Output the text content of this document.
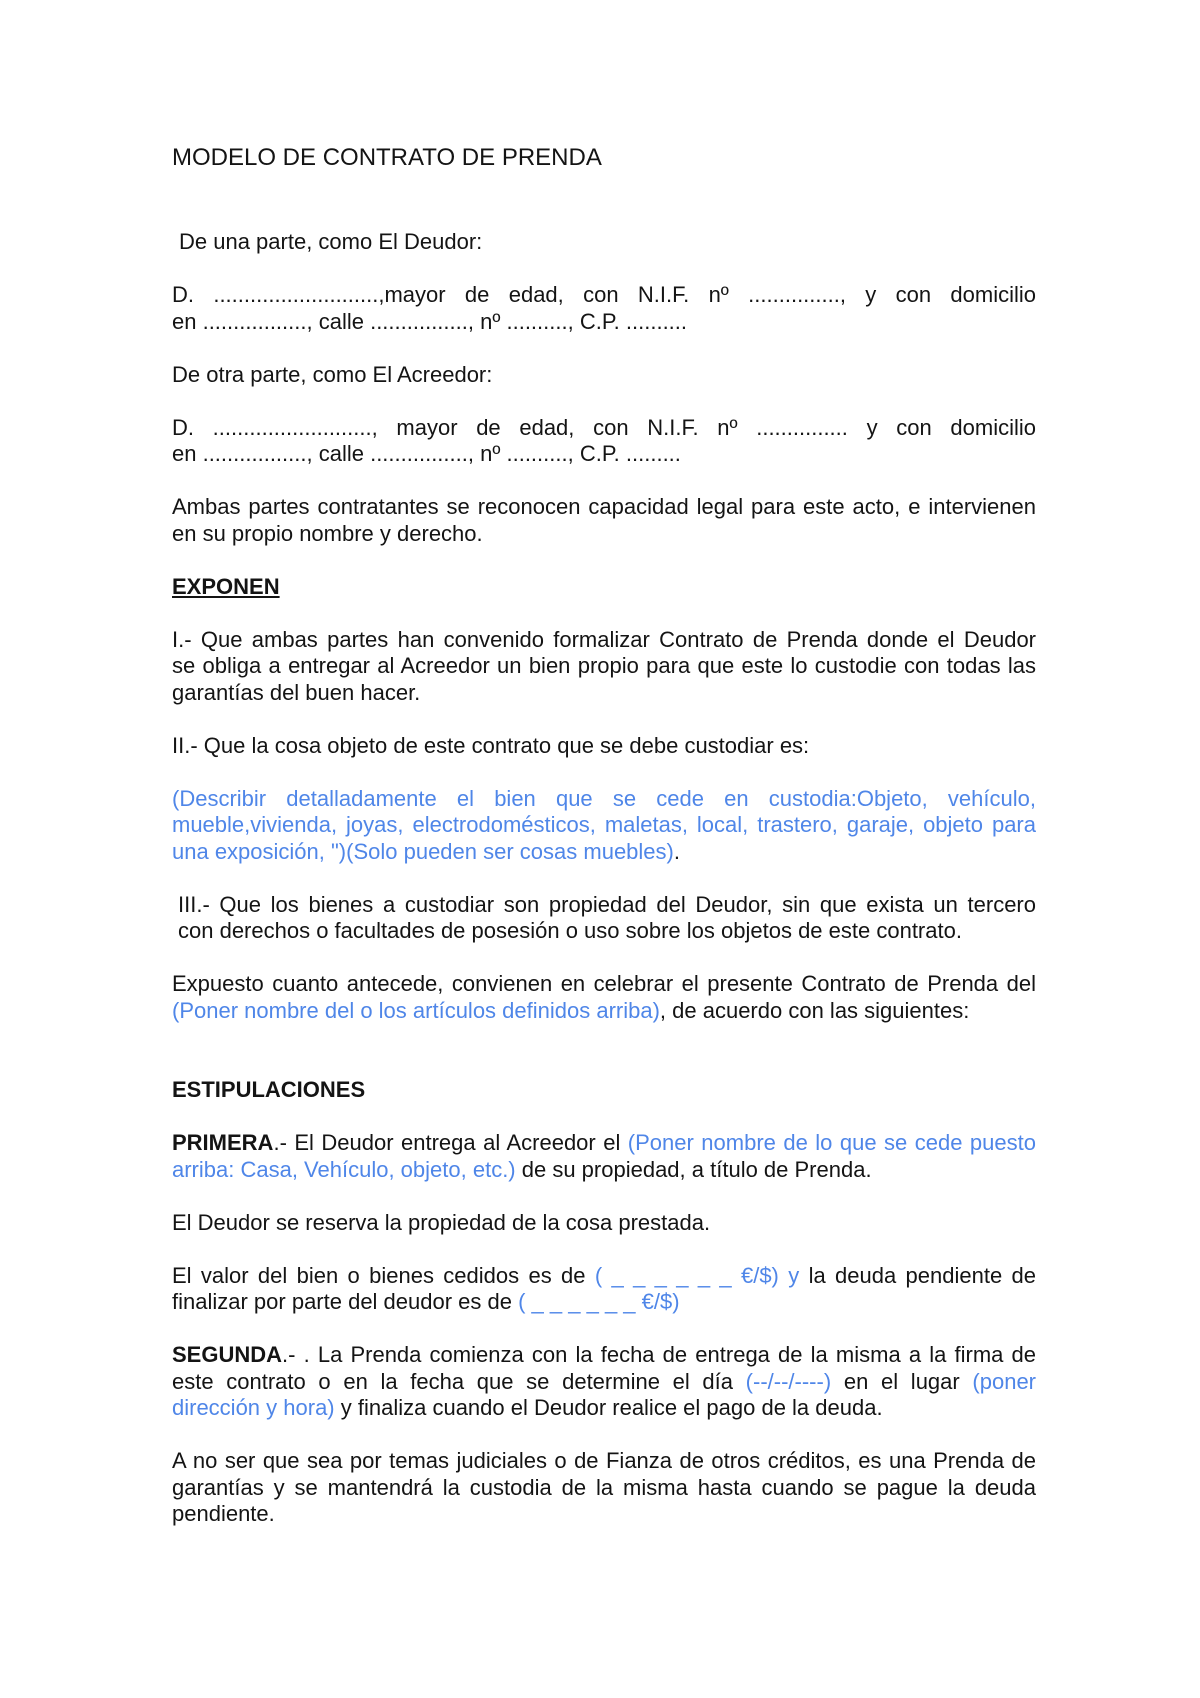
MODELO DE CONTRATO DE PRENDA
De una parte, como El Deudor:
D. ...........................,mayor de edad, con N.I.F. nº ..............., y con domicilio
en ................., calle ................, nº .........., C.P. ..........
De otra parte, como El Acreedor:
D. .........................., mayor de edad, con N.I.F. nº ............... y con domicilio
en ................., calle ................, nº .........., C.P. .........
Ambas partes contratantes se reconocen capacidad legal para este acto, e intervienen
en su propio nombre y derecho.
EXPONEN
I.- Que ambas partes han convenido formalizar Contrato de Prenda donde el Deudor
se obliga a entregar al Acreedor un bien propio para que este lo custodie con todas las
garantías del buen hacer.
II.- Que la cosa objeto de este contrato que se debe custodiar es:
(Describir detalladamente el bien que se cede en custodia:Objeto, vehículo,
mueble,vivienda, joyas, electrodomésticos, maletas, local, trastero, garaje, objeto para
una exposición, ")(Solo pueden ser cosas muebles).
III.- Que los bienes a custodiar son propiedad del Deudor, sin que exista un tercero
con derechos o facultades de posesión o uso sobre los objetos de este contrato.
Expuesto cuanto antecede, convienen en celebrar el presente Contrato de Prenda del
(Poner nombre del o los artículos definidos arriba), de acuerdo con las siguientes:
ESTIPULACIONES
PRIMERA.- El Deudor entrega al Acreedor el (Poner nombre de lo que se cede puesto
arriba: Casa, Vehículo, objeto, etc.) de su propiedad, a título de Prenda.
El Deudor se reserva la propiedad de la cosa prestada.
El valor del bien o bienes cedidos es de ( _ _ _ _ _ _ €/$) y la deuda pendiente de
finalizar por parte del deudor es de ( _ _ _ _ _ _ €/$)
SEGUNDA.- . La Prenda comienza con la fecha de entrega de la misma a la firma de
este contrato o en la fecha que se determine el día (--/--/----) en el lugar (poner
dirección y hora) y finaliza cuando el Deudor realice el pago de la deuda.
A no ser que sea por temas judiciales o de Fianza de otros créditos, es una Prenda de
garantías y se mantendrá la custodia de la misma hasta cuando se pague la deuda
pendiente.
